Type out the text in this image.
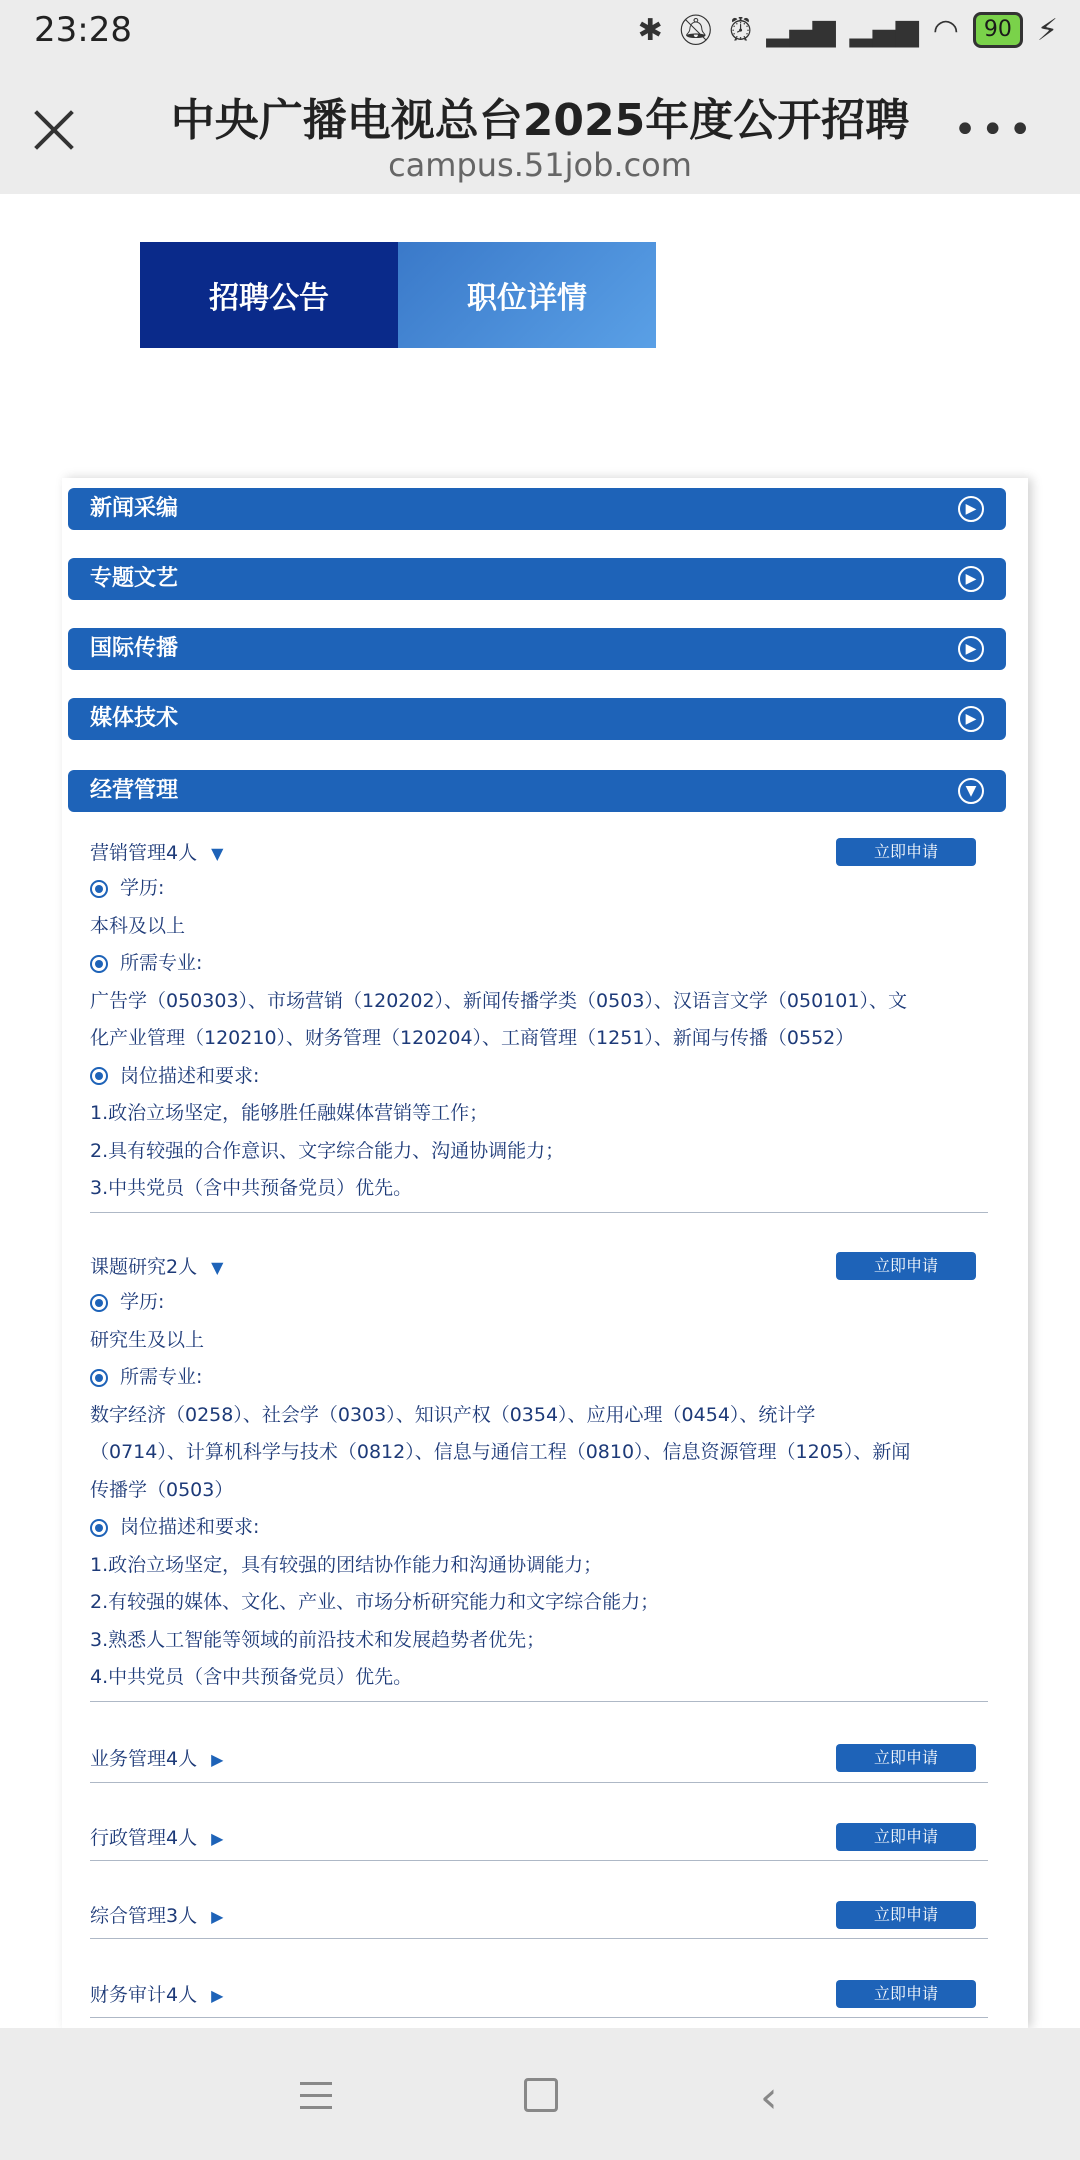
23:28	✱ 🔕︎ ⏰︎ ▂▄▆ ▂▄▆ ◠	90 ⚡︎
中央广播电视总台2025年度公开招聘
campus.51job.com
•••
招聘公告	职位详情
新闻采编	▶
专题文艺	▶
国际传播	▶
媒体技术	▶
经营管理	▼
营销管理4人 ▼	立即申请
学历:
本科及以上
所需专业:
广告学（050303）、市场营销（120202）、新闻传播学类（0503）、汉语言文学（050101）、文
化产业管理（120210）、财务管理（120204）、工商管理（1251）、新闻与传播（0552）
岗位描述和要求:
1.政治立场坚定，能够胜任融媒体营销等工作；
2.具有较强的合作意识、文字综合能力、沟通协调能力；
3.中共党员（含中共预备党员）优先。
课题研究2人 ▼	立即申请
学历:
研究生及以上
所需专业:
数字经济（0258）、社会学（0303）、知识产权（0354）、应用心理（0454）、统计学
（0714）、计算机科学与技术（0812）、信息与通信工程（0810）、信息资源管理（1205）、新闻
传播学（0503）
岗位描述和要求:
1.政治立场坚定，具有较强的团结协作能力和沟通协调能力；
2.有较强的媒体、文化、产业、市场分析研究能力和文字综合能力；
3.熟悉人工智能等领域的前沿技术和发展趋势者优先；
4.中共党员（含中共预备党员）优先。
业务管理4人 ▶	立即申请
行政管理4人 ▶	立即申请
综合管理3人 ▶	立即申请
财务审计4人 ▶	立即申请
‹
